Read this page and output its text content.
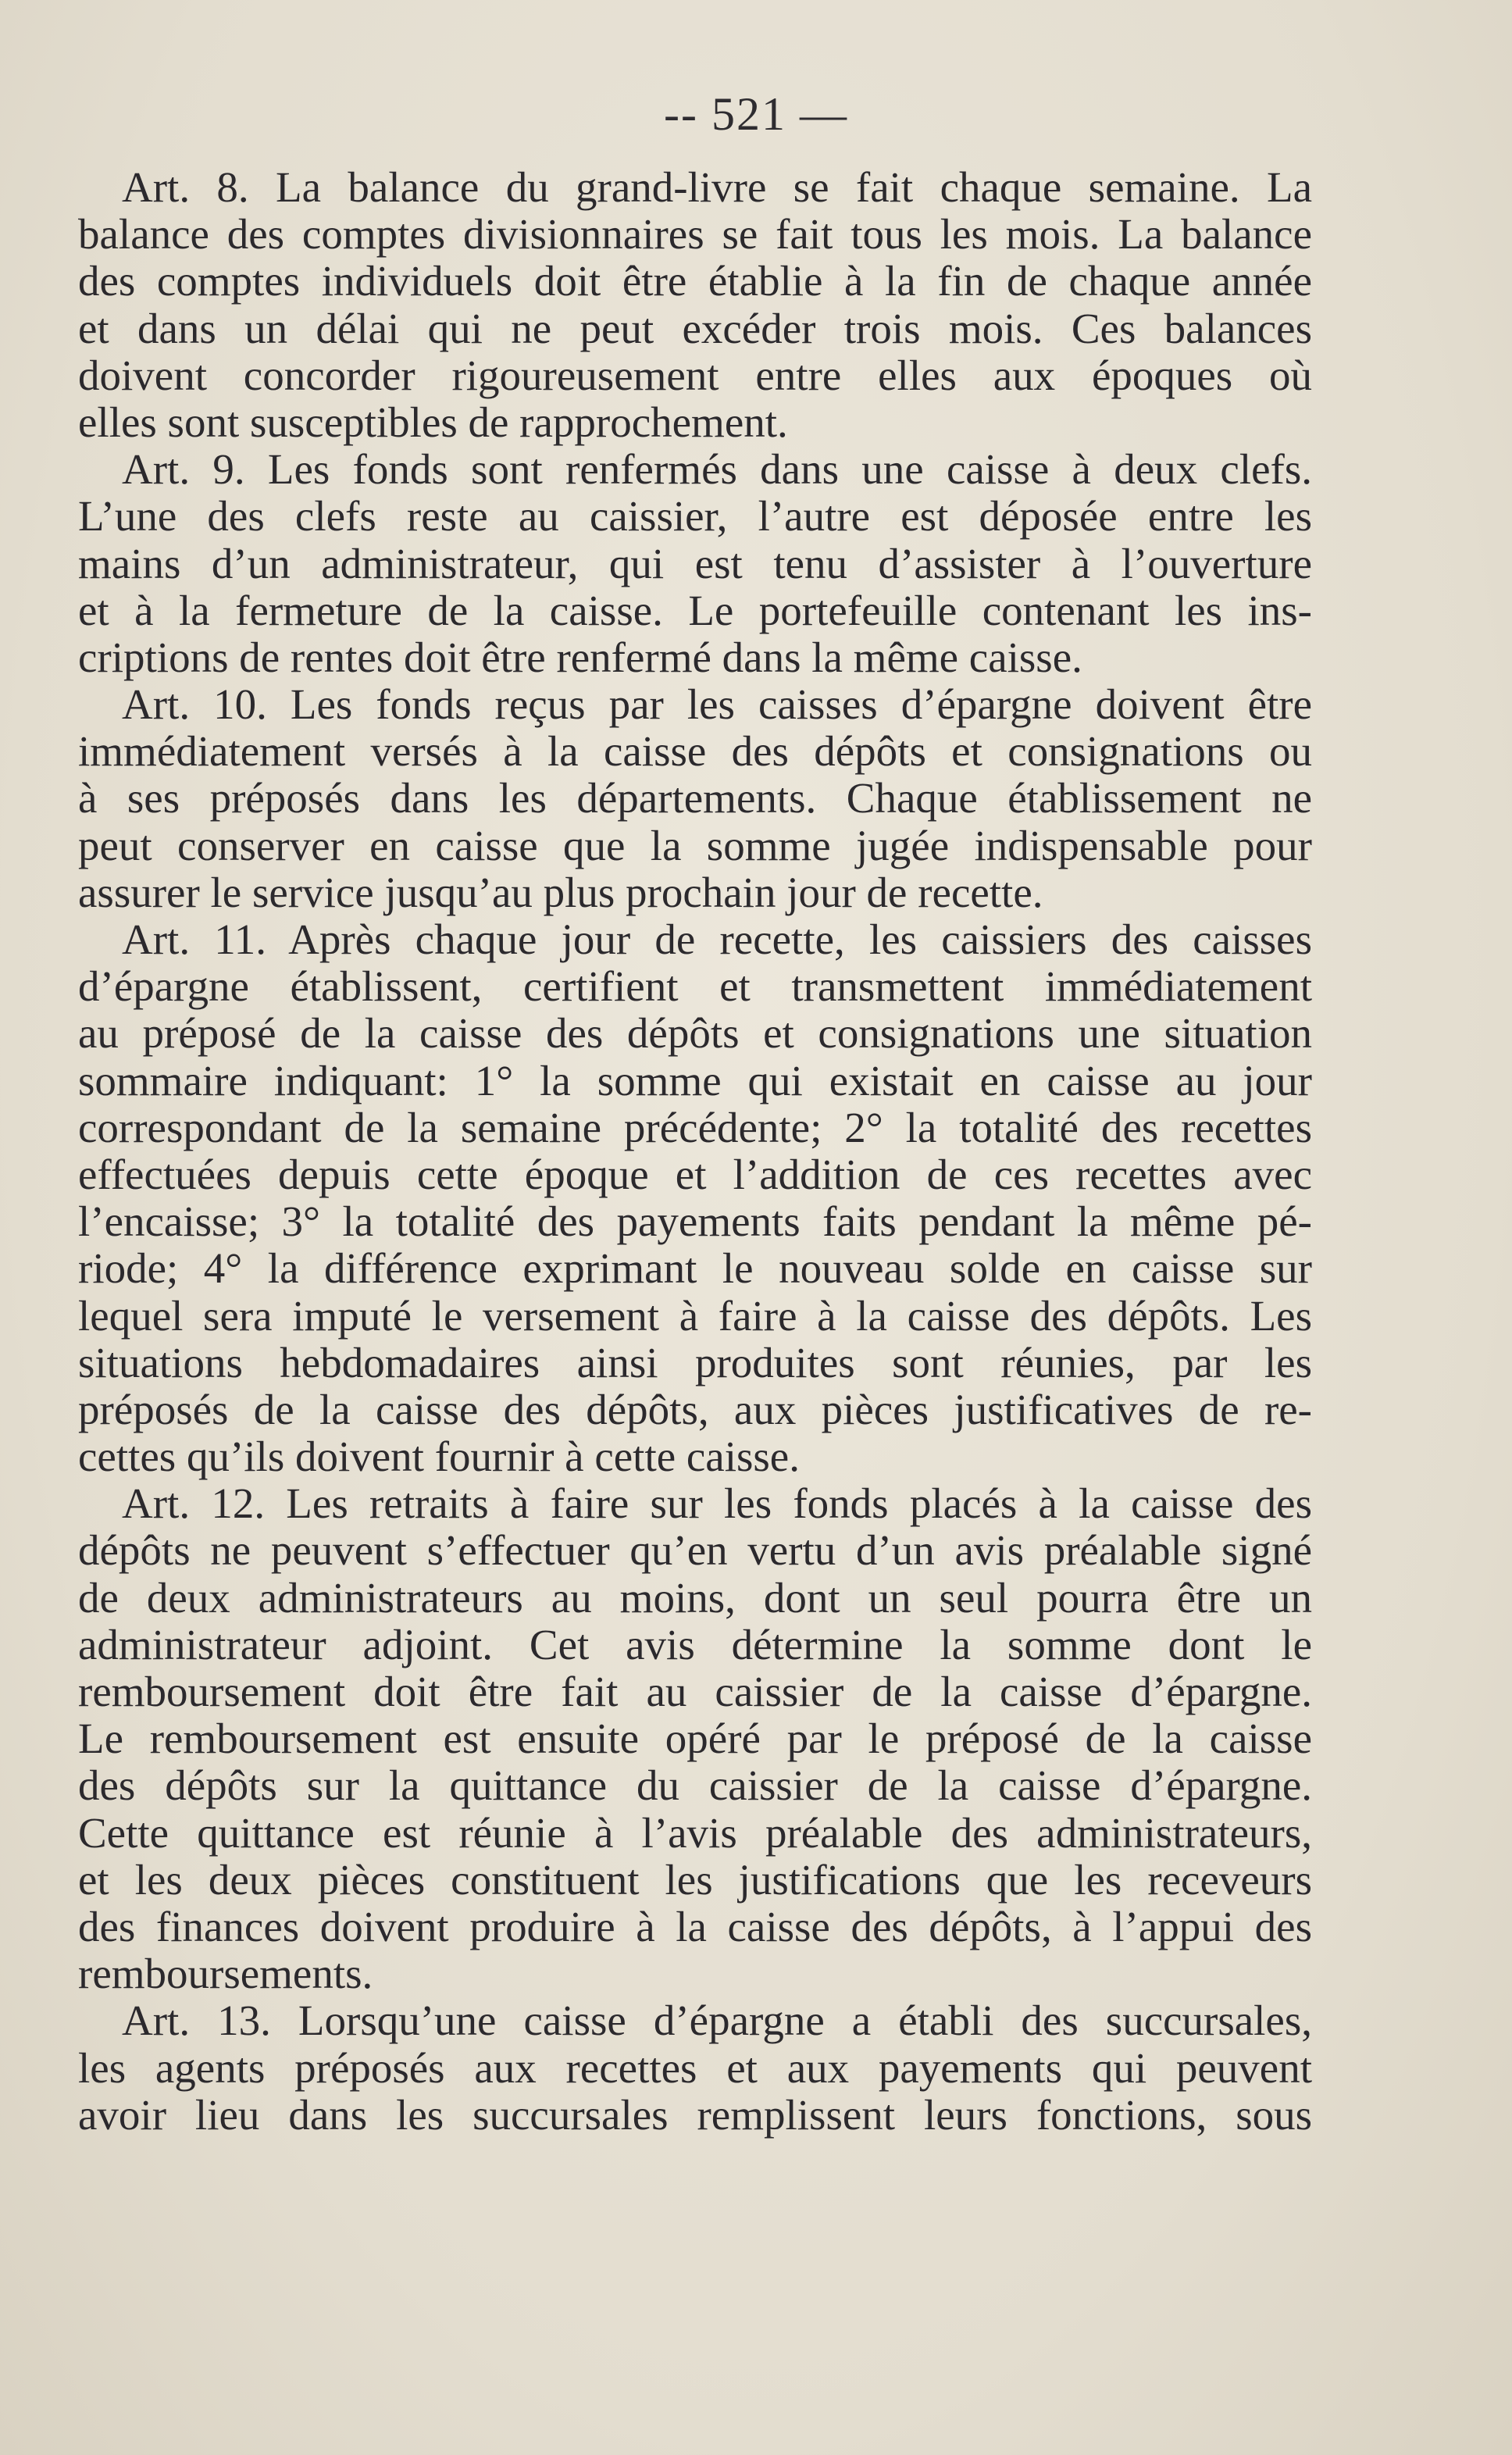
-- 521 —
Art. 8. La balance du grand-livre se fait chaque semaine. La
balance des comptes divisionnaires se fait tous les mois. La balance
des comptes individuels doit être établie à la fin de chaque année
et dans un délai qui ne peut excéder trois mois. Ces balances
doivent concorder rigoureusement entre elles aux époques où
elles sont susceptibles de rapprochement.
Art. 9. Les fonds sont renfermés dans une caisse à deux clefs.
L’une des clefs reste au caissier, l’autre est déposée entre les
mains d’un administrateur, qui est tenu d’assister à l’ouverture
et à la fermeture de la caisse. Le portefeuille contenant les ins-
criptions de rentes doit être renfermé dans la même caisse.
Art. 10. Les fonds reçus par les caisses d’épargne doivent être
immédiatement versés à la caisse des dépôts et consignations ou
à ses préposés dans les départements. Chaque établissement ne
peut conserver en caisse que la somme jugée indispensable pour
assurer le service jusqu’au plus prochain jour de recette.
Art. 11. Après chaque jour de recette, les caissiers des caisses
d’épargne établissent, certifient et transmettent immédiatement
au préposé de la caisse des dépôts et consignations une situation
sommaire indiquant: 1° la somme qui existait en caisse au jour
correspondant de la semaine précédente; 2° la totalité des recettes
effectuées depuis cette époque et l’addition de ces recettes avec
l’encaisse; 3° la totalité des payements faits pendant la même pé-
riode; 4° la différence exprimant le nouveau solde en caisse sur
lequel sera imputé le versement à faire à la caisse des dépôts. Les
situations hebdomadaires ainsi produites sont réunies, par les
préposés de la caisse des dépôts, aux pièces justificatives de re-
cettes qu’ils doivent fournir à cette caisse.
Art. 12. Les retraits à faire sur les fonds placés à la caisse des
dépôts ne peuvent s’effectuer qu’en vertu d’un avis préalable signé
de deux administrateurs au moins, dont un seul pourra être un
administrateur adjoint. Cet avis détermine la somme dont le
remboursement doit être fait au caissier de la caisse d’épargne.
Le remboursement est ensuite opéré par le préposé de la caisse
des dépôts sur la quittance du caissier de la caisse d’épargne.
Cette quittance est réunie à l’avis préalable des administrateurs,
et les deux pièces constituent les justifications que les receveurs
des finances doivent produire à la caisse des dépôts, à l’appui des
remboursements.
Art. 13. Lorsqu’une caisse d’épargne a établi des succursales,
les agents préposés aux recettes et aux payements qui peuvent
avoir lieu dans les succursales remplissent leurs fonctions, sous
